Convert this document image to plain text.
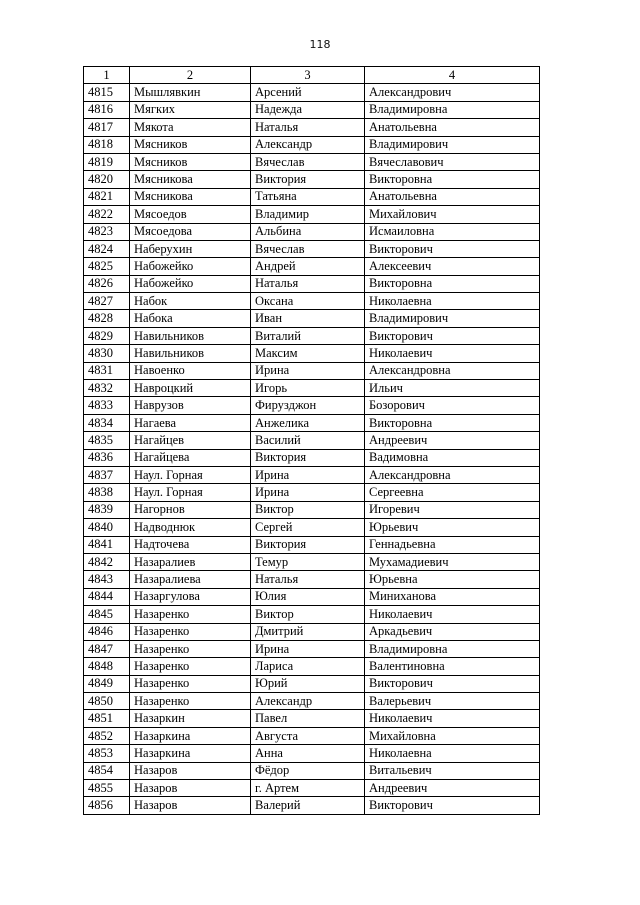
118
1	2	3	4
4815	Мышлявкин	Арсений	Александрович
4816	Мягких	Надежда	Владимировна
4817	Мякота	Наталья	Анатольевна
4818	Мясников	Александр	Владимирович
4819	Мясников	Вячеслав	Вячеславович
4820	Мясникова	Виктория	Викторовна
4821	Мясникова	Татьяна	Анатольевна
4822	Мясоедов	Владимир	Михайлович
4823	Мясоедова	Альбина	Исмаиловна
4824	Наберухин	Вячеслав	Викторович
4825	Набожейко	Андрей	Алексеевич
4826	Набожейко	Наталья	Викторовна
4827	Набок	Оксана	Николаевна
4828	Набока	Иван	Владимирович
4829	Навильников	Виталий	Викторович
4830	Навильников	Максим	Николаевич
4831	Навоенко	Ирина	Александровна
4832	Навроцкий	Игорь	Ильич
4833	Наврузов	Фирузджон	Бозорович
4834	Нагаева	Анжелика	Викторовна
4835	Нагайцев	Василий	Андреевич
4836	Нагайцева	Виктория	Вадимовна
4837	Наул. Горная	Ирина	Александровна
4838	Наул. Горная	Ирина	Сергеевна
4839	Нагорнов	Виктор	Игоревич
4840	Надводнюк	Сергей	Юрьевич
4841	Надточева	Виктория	Геннадьевна
4842	Назаралиев	Темур	Мухамадиевич
4843	Назаралиева	Наталья	Юрьевна
4844	Назаргулова	Юлия	Миниханова
4845	Назаренко	Виктор	Николаевич
4846	Назаренко	Дмитрий	Аркадьевич
4847	Назаренко	Ирина	Владимировна
4848	Назаренко	Лариса	Валентиновна
4849	Назаренко	Юрий	Викторович
4850	Назаренко	Александр	Валерьевич
4851	Назаркин	Павел	Николаевич
4852	Назаркина	Августа	Михайловна
4853	Назаркина	Анна	Николаевна
4854	Назаров	Фёдор	Витальевич
4855	Назаров	г. Артем	Андреевич
4856	Назаров	Валерий	Викторович
